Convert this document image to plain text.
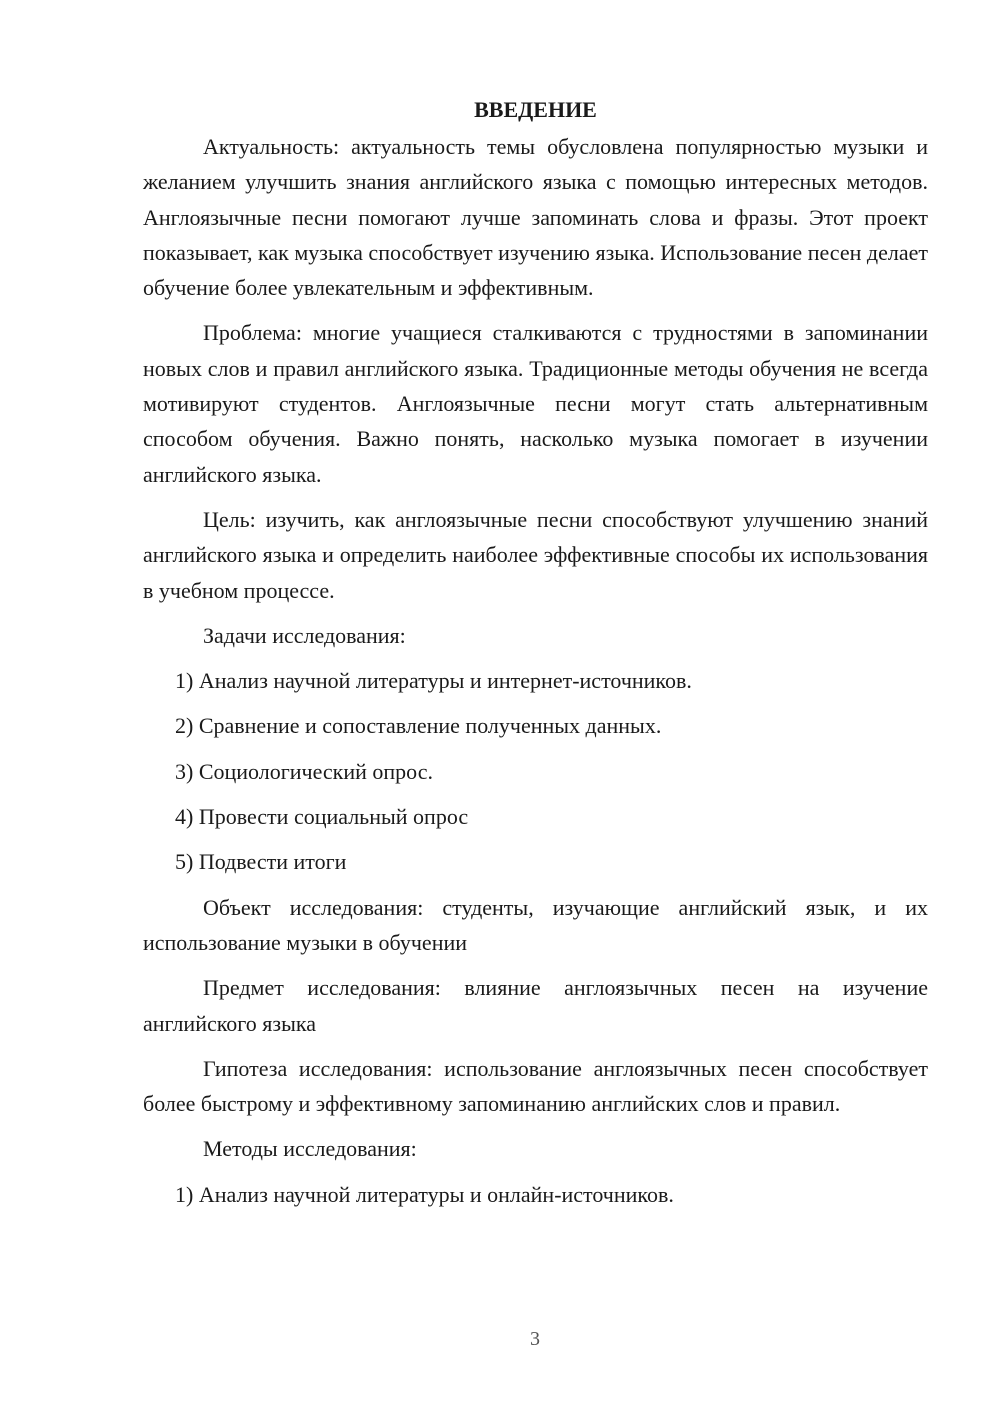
ВВЕДЕНИЕ

Актуальность: актуальность темы обусловлена популярностью музыки и желанием улучшить знания английского языка с помощью интересных методов. Англоязычные песни помогают лучше запоминать слова и фразы. Этот проект показывает, как музыка способствует изучению языка. Использование песен делает обучение более увлекательным и эффективным.

Проблема: многие учащиеся сталкиваются с трудностями в запоминании новых слов и правил английского языка. Традиционные методы обучения не всегда мотивируют студентов. Англоязычные песни могут стать альтернативным способом обучения. Важно понять, насколько музыка помогает в изучении английского языка.

Цель: изучить, как англоязычные песни способствуют улучшению знаний английского языка и определить наиболее эффективные способы их использования в учебном процессе.

Задачи исследования:

1) Анализ научной литературы и интернет-источников.

2) Сравнение и сопоставление полученных данных.

3) Социологический опрос.

4) Провести социальный опрос

5) Подвести итоги

Объект исследования: студенты, изучающие английский язык, и их использование музыки в обучении

Предмет исследования: влияние англоязычных песен на изучение английского языка

Гипотеза исследования: использование англоязычных песен способствует более быстрому и эффективному запоминанию английских слов и правил.

Методы исследования:

1) Анализ научной литературы и онлайн-источников.

3
